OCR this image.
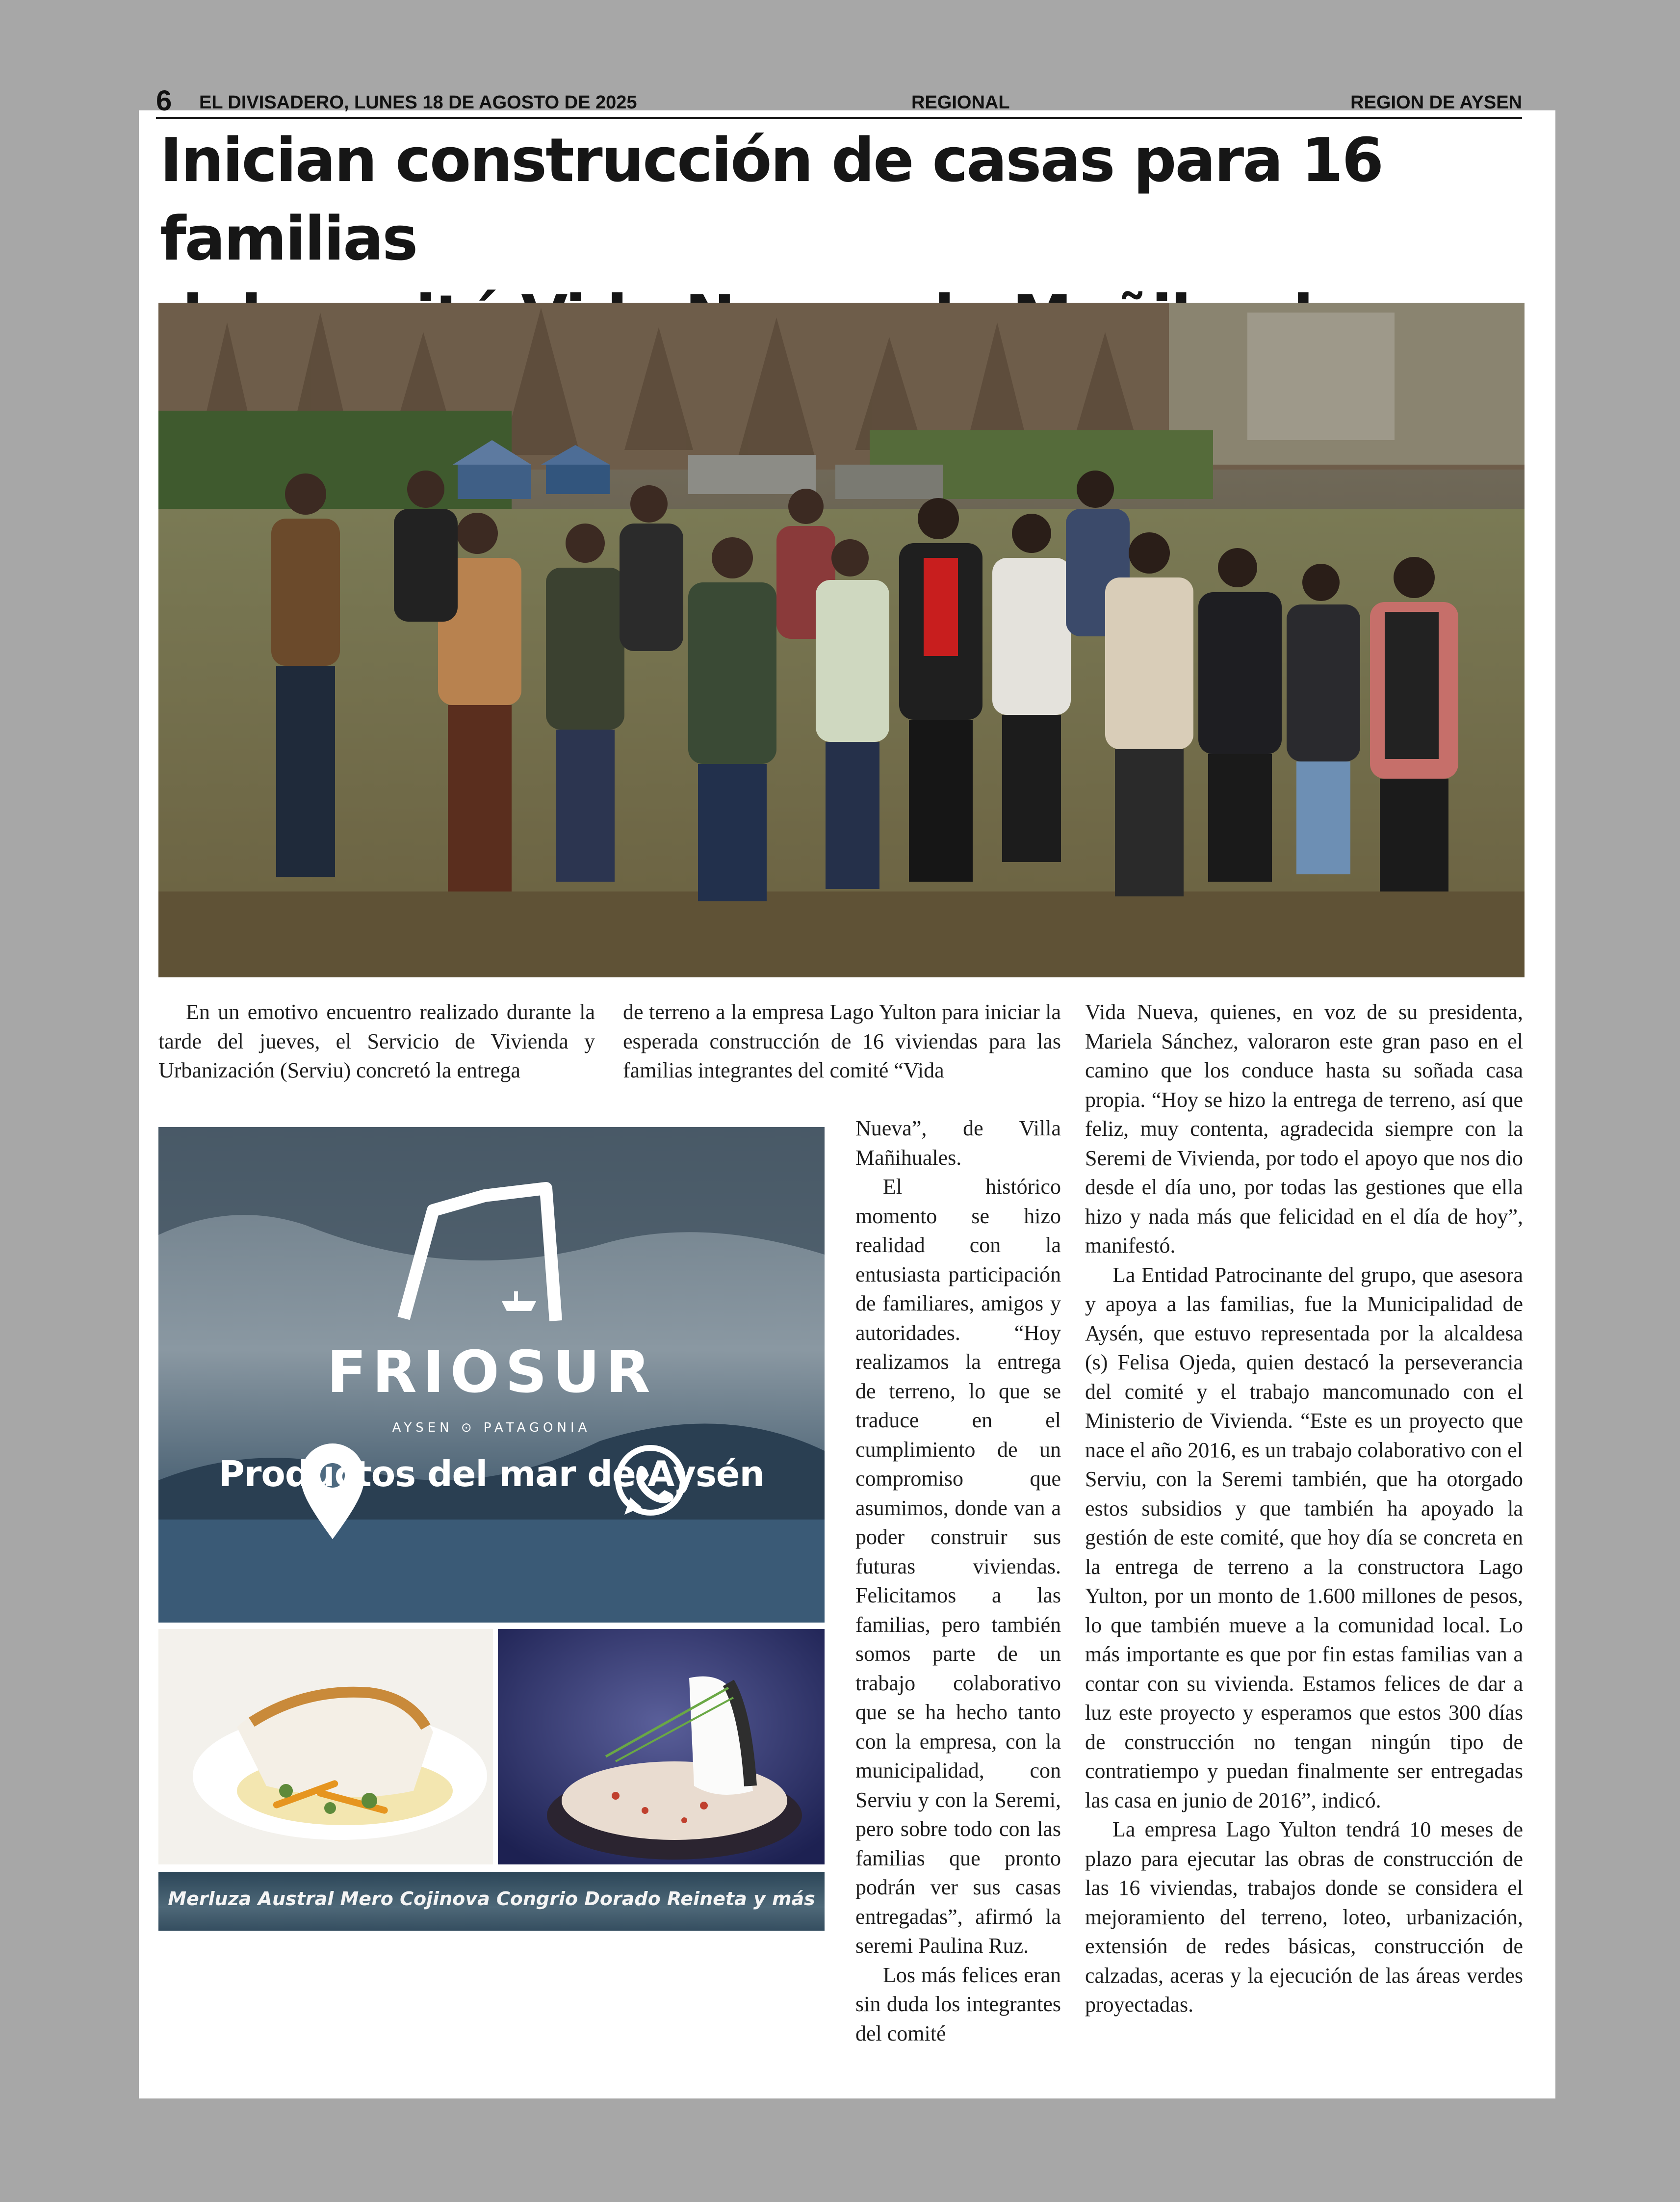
6 EL DIVISADERO, LUNES 18 DE AGOSTO DE 2025	REGIONAL	REGION DE AYSEN
Inician construcción de casas para 16 familias

En un emotivo encuentro realizado durante la tarde del jueves, el Servicio de Vivienda y Urbanización (Serviu) concretó la entrega

de terreno a la empresa Lago Yulton para iniciar la esperada construcción de 16 viviendas para las familias integrantes del comité “Vida

Nueva”, de Villa Mañihuales.

El histórico momento se hizo realidad con la entusiasta participación de familiares, amigos y autoridades. “Hoy realizamos la entrega de terreno, lo que se traduce en el cumplimiento de un compromiso que asumimos, donde van a poder construir sus futuras viviendas. Felicitamos a las familias, pero también somos parte de un trabajo colaborativo que se ha hecho tanto con la empresa, con la municipalidad, con Serviu y con la Seremi, pero sobre todo con las familias que pronto podrán ver sus casas entregadas”, afirmó la seremi Paulina Ruz.

Los más felices eran sin duda los integrantes del comité

Vida Nueva, quienes, en voz de su presidenta, Mariela Sánchez, valoraron este gran paso en el camino que los conduce hasta su soñada casa propia. “Hoy se hizo la entrega de terreno, así que feliz, muy contenta, agradecida siempre con la Seremi de Vivienda, por todo el apoyo que nos dio desde el día uno, por todas las gestiones que ella hizo y nada más que felicidad en el día de hoy”, manifestó.

La Entidad Patrocinante del grupo, que asesora y apoya a las familias, fue la Municipalidad de Aysén, que estuvo representada por la alcaldesa (s) Felisa Ojeda, quien destacó la perseverancia del comité y el trabajo mancomunado con el Ministerio de Vivienda. “Este es un proyecto que nace el año 2016, es un trabajo colaborativo con el Serviu, con la Seremi también, que ha otorgado estos subsidios y que también ha apoyado la gestión de este comité, que hoy día se concreta en la entrega de terreno a la constructora Lago Yulton, por un monto de 1.600 millones de pesos, lo que también mueve a la comunidad local. Lo más importante es que por fin estas familias van a contar con su vivienda. Estamos felices de dar a luz este proyecto y esperamos que estos 300 días de construcción no tengan ningún tipo de contratiempo y puedan finalmente ser entregadas las casa en junio de 2016”, indicó.

La empresa Lago Yulton tendrá 10 meses de plazo para ejecutar las obras de construcción de las 16 viviendas, trabajos donde se considera el mejoramiento del terreno, loteo, urbanización, extensión de redes básicas, construcción de calzadas, aceras y la ejecución de las áreas verdes proyectadas.

FRIOSUR
AYSEN ⊙ PATAGONIA
Productos del mar de Aysén
Merluza Austral Mero Cojinova Congrio Dorado Reineta y más
